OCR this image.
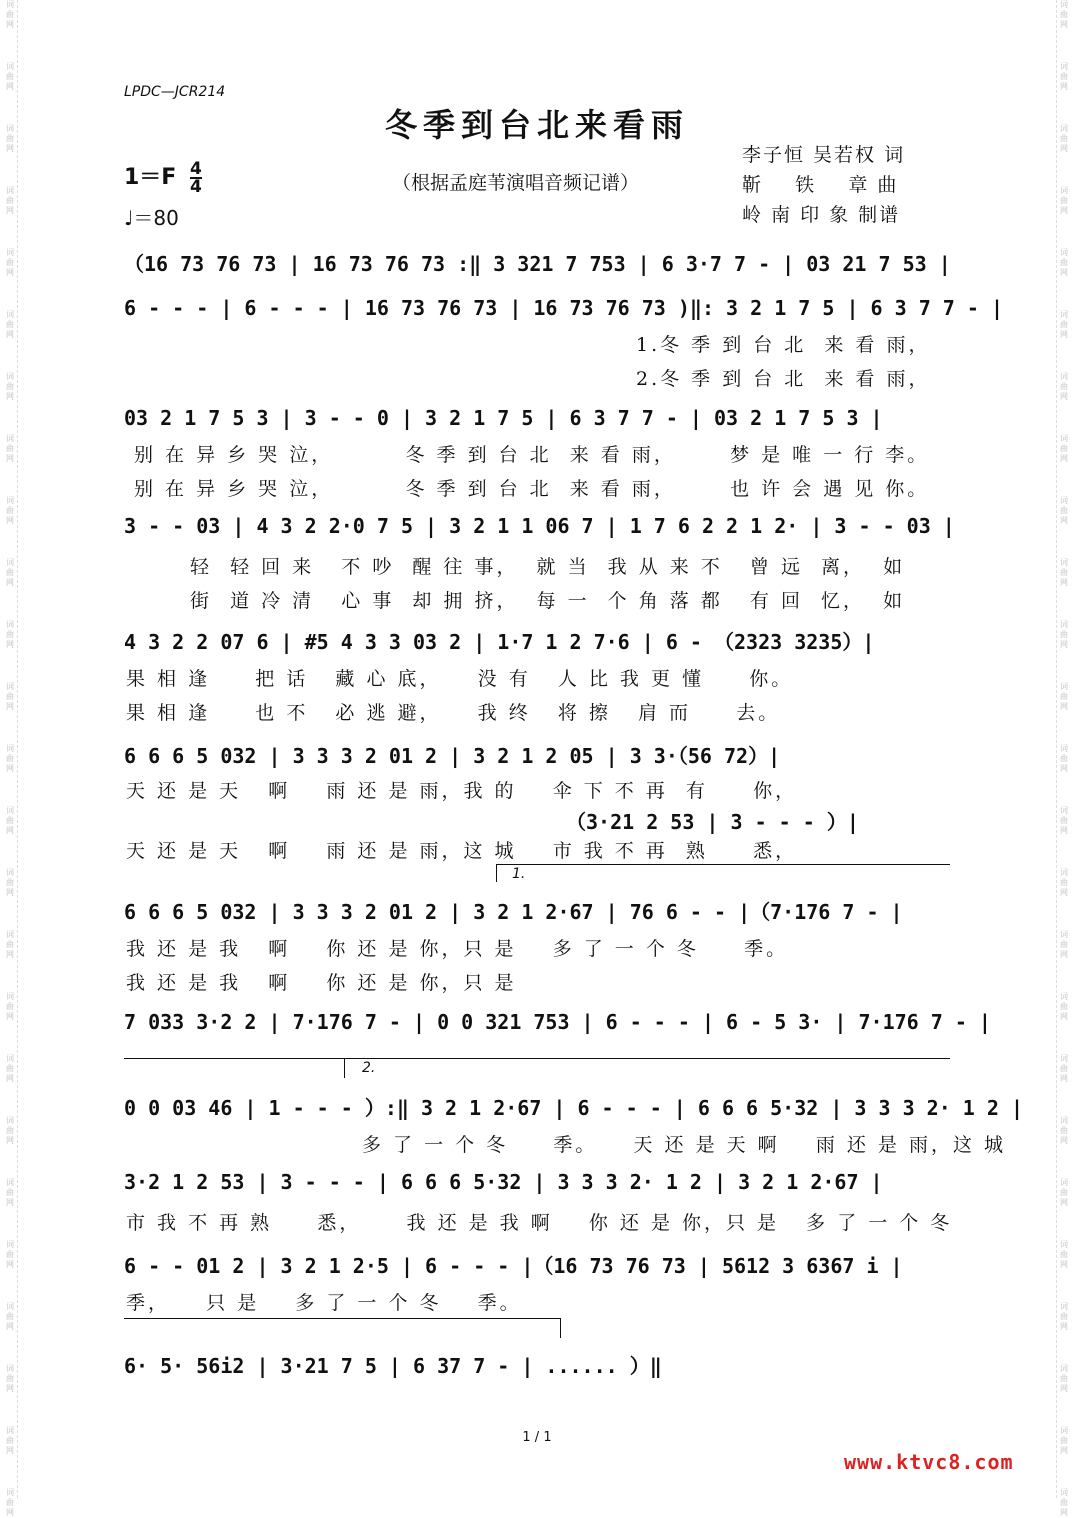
词曲网
词曲网
词曲网
词曲网
词曲网
词曲网
词曲网
词曲网
词曲网
词曲网
词曲网
词曲网
词曲网
词曲网
词曲网
词曲网
词曲网
词曲网
词曲网
词曲网
词曲网
词曲网
词曲网
词曲网
词曲网
词曲网
词曲网
词曲网
词曲网
词曲网
词曲网
词曲网
词曲网
词曲网
词曲网
词曲网
词曲网
词曲网
词曲网
词曲网
词曲网
词曲网
词曲网
词曲网
词曲网
词曲网
词曲网
词曲网
词曲网
词曲网
LPDC—JCR214
冬季到台北来看雨
$1=F \frac{4}{4}$
♩＝80
（根据孟庭苇演唱音频记谱）
李子恒 吴若权 词
靳    铁    章 曲
岭 南 印 象 制谱
（16 73 76 73 | 16 73 76 73 :‖ 3 321 7 753 | 6 3·7 7 - | 03 21 7 53 |
6 - - - | 6 - - - | 16 73 76 73 | 16 73 76 73 )‖: 3 2 1 7 5 | 6 3 7 7 - |
1.冬 季 到 台 北  来 看 雨，
2.冬 季 到 台 北  来 看 雨，
03 2 1 7 5 3 | 3 - - 0 | 3 2 1 7 5 | 6 3 7 7 - | 03 2 1 7 5 3 |
别 在 异 乡 哭 泣，        冬 季 到 台 北  来 看 雨，      梦 是 唯 一 行 李。
别 在 异 乡 哭 泣，        冬 季 到 台 北  来 看 雨，      也 许 会 遇 见 你。
3 - - 03 | 4 3 2 2·0 7 5 | 3 2 1 1 06 7 | 1 7 6 2 2 1 2· | 3 - - 03 |
轻  轻 回 来   不 吵  醒 往 事，  就 当  我 从 来 不   曾 远  离，  如
街  道 冷 清   心 事  却 拥 挤，  每 一  个 角 落 都   有 回  忆，  如
4 3 2 2 07 6 | #5 4 3 3 03 2 | 1·7 1 2 7·6 | 6 - （2323 3235）|
果 相 逢     把 话   藏 心 底，    没 有   人 比 我 更 懂     你。
果 相 逢     也 不   必 逃 避，    我 终   将 擦   肩 而     去。
6 6 6 5 032 | 3 3 3 2 01 2 | 3 2 1 2 05 | 3 3·（56 72）|
天 还 是 天   啊    雨 还 是 雨，我 的    伞 下 不 再  有     你，
（3·21 2 53 | 3 - - - ）|
天 还 是 天   啊    雨 还 是 雨，这 城    市 我 不 再  熟     悉，
1.
6 6 6 5 032 | 3 3 3 2 01 2 | 3 2 1 2·67 | 76 6 - - |（7·176 7 - |
我 还 是 我   啊    你 还 是 你，只 是    多 了 一 个 冬     季。
我 还 是 我   啊    你 还 是 你，只 是
7 033 3·2 2 | 7·176 7 - | 0 0 321 753 | 6 - - - | 6 - 5 3· | 7·176 7 - |
2.
0 0 03 46 | 1 - - - ）:‖ 3 2 1 2·67 | 6 - - - | 6 6 6 5·32 | 3 3 3 2· 1 2 |
多 了 一 个 冬     季。    天 还 是 天 啊    雨 还 是 雨，这 城
3·2 1 2 53 | 3 - - - | 6 6 6 5·32 | 3 3 3 2· 1 2 | 3 2 1 2·67 |
市 我 不 再 熟     悉，     我 还 是 我 啊    你 还 是 你，只 是   多 了 一 个 冬
6 - - 01 2 | 3 2 1 2·5 | 6 - - - |（16 73 76 73 | 5612 3 6367 i |
季，    只 是    多 了 一 个 冬    季。
6· 5· 56i2 | 3·21 7 5 | 6 37 7 - | ...... ）‖
1 / 1
www.ktvc8.com
